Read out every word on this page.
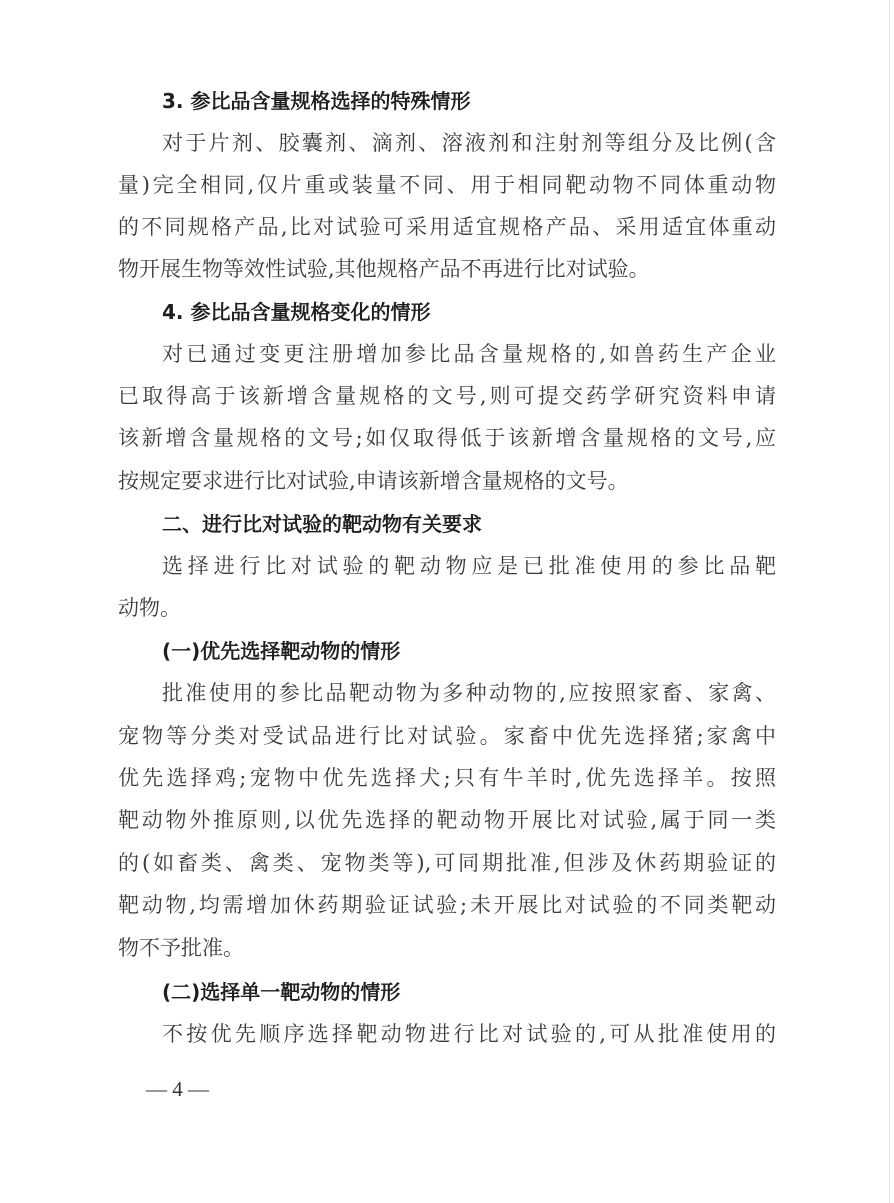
3. 参比品含量规格选择的特殊情形
对于片剂、胶囊剂、滴剂、溶液剂和注射剂等组分及比例(含
量)完全相同,仅片重或装量不同、用于相同靶动物不同体重动物
的不同规格产品,比对试验可采用适宜规格产品、采用适宜体重动
物开展生物等效性试验,其他规格产品不再进行比对试验。
4. 参比品含量规格变化的情形
对已通过变更注册增加参比品含量规格的,如兽药生产企业
已取得高于该新增含量规格的文号,则可提交药学研究资料申请
该新增含量规格的文号;如仅取得低于该新增含量规格的文号,应
按规定要求进行比对试验,申请该新增含量规格的文号。
二、进行比对试验的靶动物有关要求
选择进行比对试验的靶动物应是已批准使用的参比品靶
动物。
(一)优先选择靶动物的情形
批准使用的参比品靶动物为多种动物的,应按照家畜、家禽、
宠物等分类对受试品进行比对试验。家畜中优先选择猪;家禽中
优先选择鸡;宠物中优先选择犬;只有牛羊时,优先选择羊。按照
靶动物外推原则,以优先选择的靶动物开展比对试验,属于同一类
的(如畜类、禽类、宠物类等),可同期批准,但涉及休药期验证的
靶动物,均需增加休药期验证试验;未开展比对试验的不同类靶动
物不予批准。
(二)选择单一靶动物的情形
不按优先顺序选择靶动物进行比对试验的,可从批准使用的
— 4 —
